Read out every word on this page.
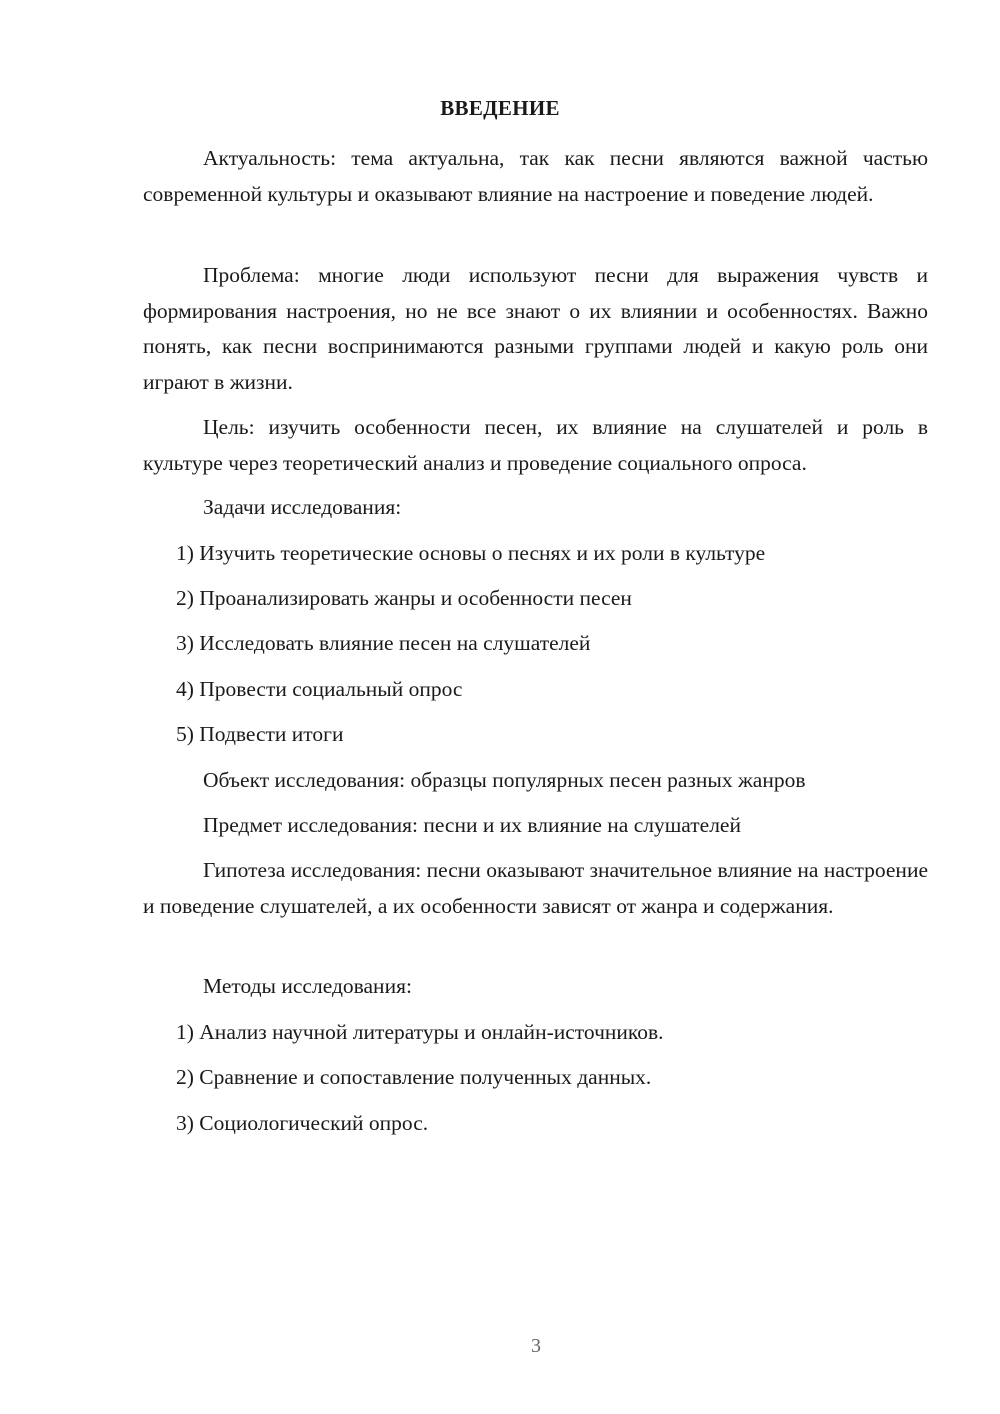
ВВЕДЕНИЕ

Актуальность: тема актуальна, так как песни являются важной частью современной культуры и оказывают влияние на настроение и поведение людей.

Проблема: многие люди используют песни для выражения чувств и формирования настроения, но не все знают о их влиянии и особенностях. Важно понять, как песни воспринимаются разными группами людей и какую роль они играют в жизни.

Цель: изучить особенности песен, их влияние на слушателей и роль в культуре через теоретический анализ и проведение социального опроса.

Задачи исследования:

1) Изучить теоретические основы о песнях и их роли в культуре

2) Проанализировать жанры и особенности песен

3) Исследовать влияние песен на слушателей

4) Провести социальный опрос

5) Подвести итоги

Объект исследования: образцы популярных песен разных жанров

Предмет исследования: песни и их влияние на слушателей

Гипотеза исследования: песни оказывают значительное влияние на настроение и поведение слушателей, а их особенности зависят от жанра и содержания.

Методы исследования:

1) Анализ научной литературы и онлайн-источников.

2) Сравнение и сопоставление полученных данных.

3) Социологический опрос.

3
